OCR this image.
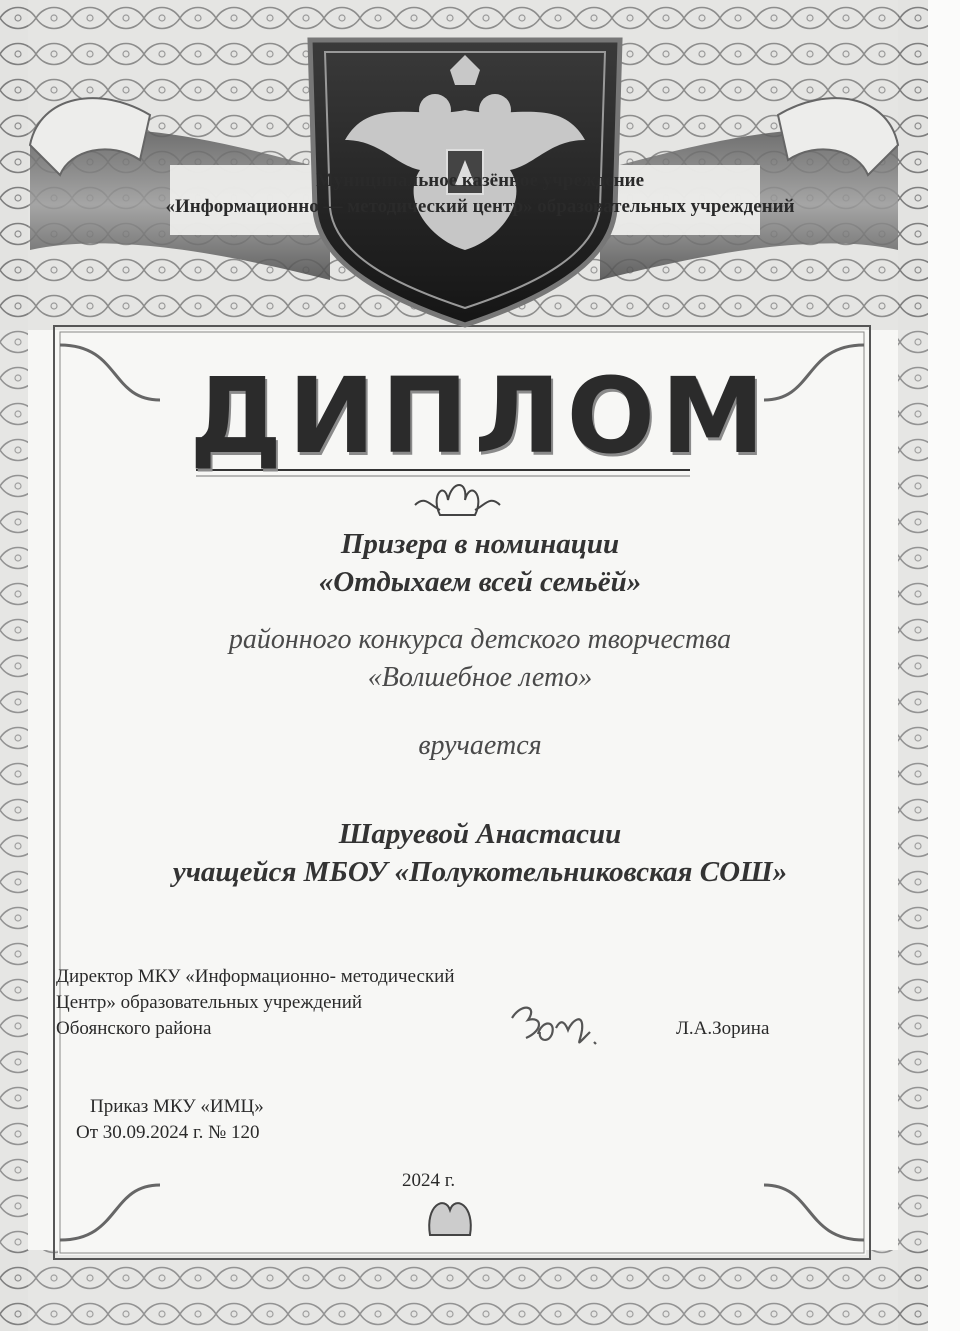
Муниципальное казённое учреждение
«Информационно — методический центр» образовательных учреждений
ДИПЛОМ
Призера в номинации
«Отдыхаем всей семьёй»
районного конкурса детского творчества
«Волшебное лето»
вручается
Шаруевой Анастасии
учащейся МБОУ «Полукотельниковская СОШ»
Директор МКУ «Информационно- методический
Центр» образовательных учреждений
Обоянского района	Л.А.Зорина
Приказ МКУ «ИМЦ»
От 30.09.2024 г. № 120
2024 г.
